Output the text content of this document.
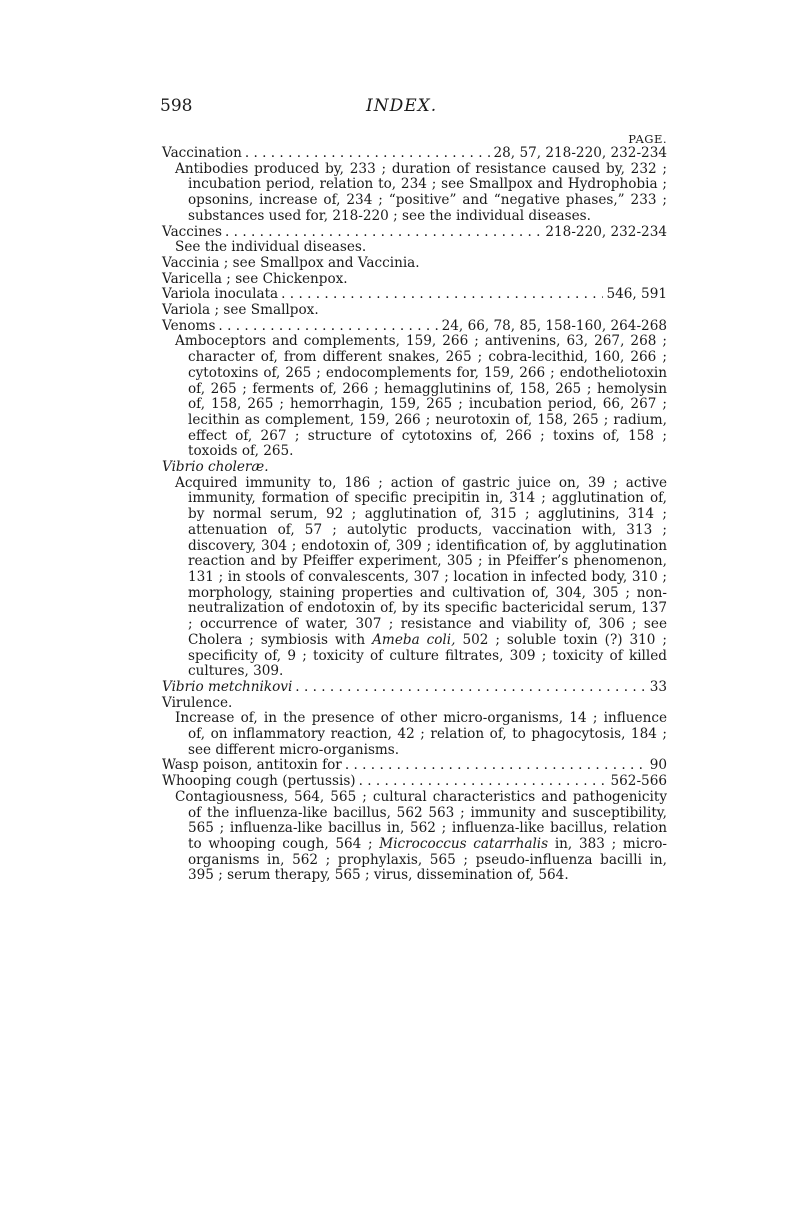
598	INDEX.
PAGE.
Vaccination . . .	28, 57, 218-220, 232-234
Antibodies produced by, 233 ; duration of resistance caused by, 232 ; incubation period, relation to, 234 ; see Smallpox and Hydrophobia ; opsonins, increase of, 234 ; “positive” and “negative phases,” 233 ; substances used for, 218-220 ; see the individual diseases.
Vaccines . . .	218-220, 232-234
See the individual diseases.
Vaccinia ; see Smallpox and Vaccinia.
Varicella ; see Chickenpox.
Variola inoculata . . .	546, 591
Variola ; see Smallpox.
Venoms . . .	24, 66, 78, 85, 158-160, 264-268
Amboceptors and complements, 159, 266 ; antivenins, 63, 267, 268 ; character of, from different snakes, 265 ; cobra-lecithid, 160, 266 ; cytotoxins of, 265 ; endocomplements for, 159, 266 ; endotheliotoxin of, 265 ; ferments of, 266 ; hemagglutinins of, 158, 265 ; hemolysin of, 158, 265 ; hemorrhagin, 159, 265 ; incubation period, 66, 267 ; lecithin as complement, 159, 266 ; neurotoxin of, 158, 265 ; radium, effect of, 267 ; structure of cytotoxins of, 266 ; toxins of, 158 ; toxoids of, 265.
Vibrio choleræ.
Acquired immunity to, 186 ; action of gastric juice on, 39 ; active immunity, formation of specific precipitin in, 314 ; agglutination of, by normal serum, 92 ; agglutination of, 315 ; agglutinins, 314 ; attenuation of, 57 ; autolytic products, vaccination with, 313 ; discovery, 304 ; endotoxin of, 309 ; identification of, by agglutination reaction and by Pfeiffer experiment, 305 ; in Pfeiffer’s phenomenon, 131 ; in stools of convalescents, 307 ; location in infected body, 310 ; morphology, staining properties and cultivation of, 304, 305 ; non-neutralization of endotoxin of, by its specific bactericidal serum, 137 ; occurrence of water, 307 ; resistance and viability of, 306 ; see Cholera ; symbiosis with Ameba coli, 502 ; soluble toxin (?) 310 ; specificity of, 9 ; toxicity of culture filtrates, 309 ; toxicity of killed cultures, 309.
Vibrio metchnikovi . . .	33
Virulence.
Increase of, in the presence of other micro-organisms, 14 ; influence of, on inflammatory reaction, 42 ; relation of, to phagocytosis, 184 ; see different micro-organisms.
Wasp poison, antitoxin for . . .	90
Whooping cough (pertussis) . . .	562-566
Contagiousness, 564, 565 ; cultural characteristics and pathogenicity of the influenza-like bacillus, 562 563 ; immunity and susceptibility, 565 ; influenza-like bacillus in, 562 ; influenza-like bacillus, relation to whooping cough, 564 ; Micrococcus catarrhalis in, 383 ; micro-organisms in, 562 ; prophylaxis, 565 ; pseudo-influenza bacilli in, 395 ; serum therapy, 565 ; virus, dissemination of, 564.
